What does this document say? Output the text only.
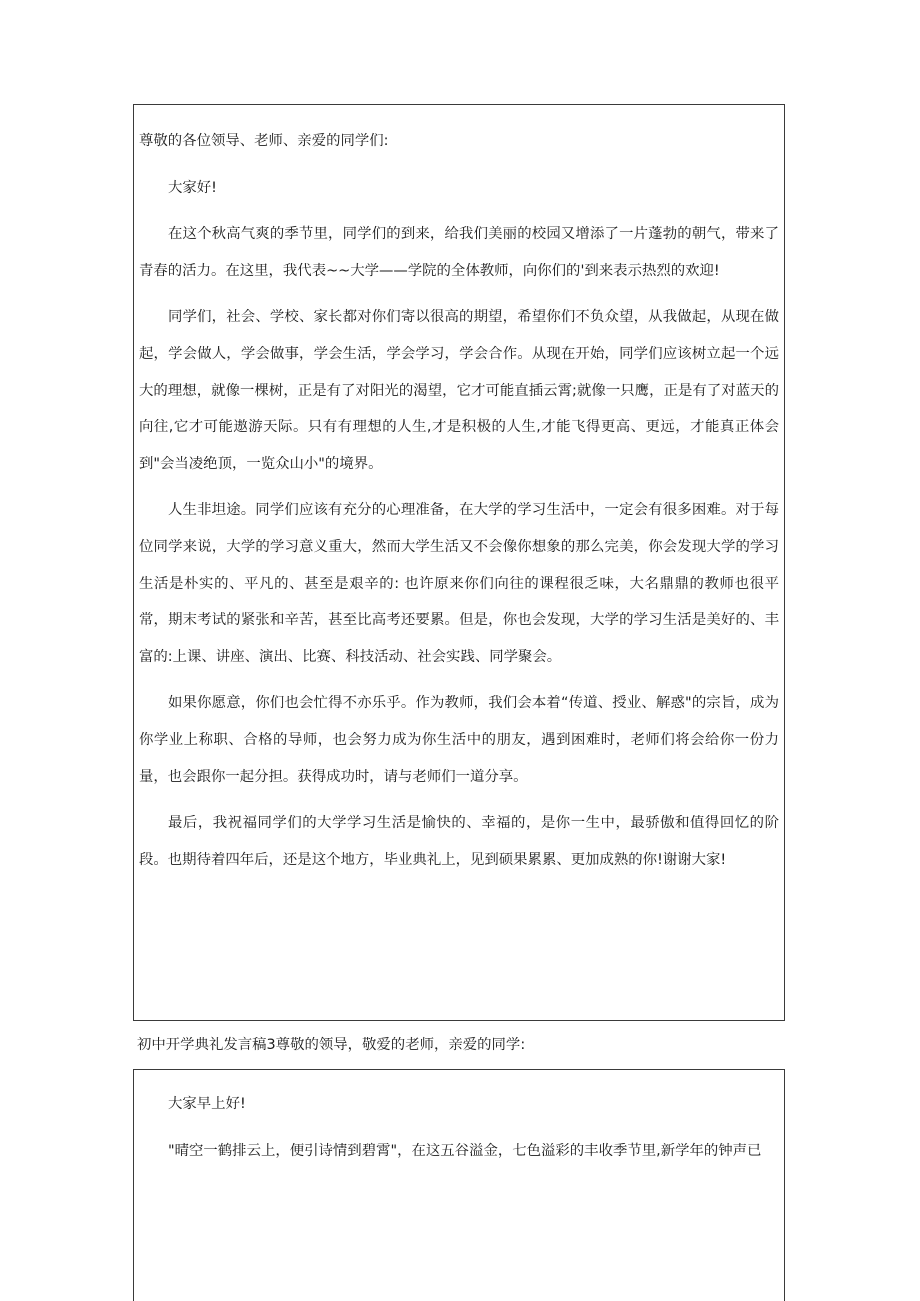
尊敬的各位领导、老师、亲爱的同学们:

大家好!

在这个秋高气爽的季节里，同学们的到来，给我们美丽的校园又增添了一片蓬勃的朝气，带来了青春的活力。在这里，我代表~~大学——学院的全体教师，向你们的'到来表示热烈的欢迎!

同学们，社会、学校、家长都对你们寄以很高的期望，希望你们不负众望，从我做起，从现在做起，学会做人，学会做事，学会生活，学会学习，学会合作。从现在开始，同学们应该树立起一个远大的理想，就像一棵树，正是有了对阳光的渴望，它才可能直插云霄;就像一只鹰，正是有了对蓝天的向往,它才可能遨游天际。只有有理想的人生,才是积极的人生,才能飞得更高、更远，才能真正体会到"会当凌绝顶，一览众山小"的境界。

人生非坦途。同学们应该有充分的心理准备，在大学的学习生活中，一定会有很多困难。对于每位同学来说，大学的学习意义重大，然而大学生活又不会像你想象的那么完美，你会发现大学的学习生活是朴实的、平凡的、甚至是艰辛的: 也许原来你们向往的课程很乏味，大名鼎鼎的教师也很平常，期末考试的紧张和辛苦，甚至比高考还要累。但是，你也会发现，大学的学习生活是美好的、丰富的:上课、讲座、演出、比赛、科技活动、社会实践、同学聚会。

如果你愿意，你们也会忙得不亦乐乎。作为教师，我们会本着“传道、授业、解惑"的宗旨，成为你学业上称职、合格的导师，也会努力成为你生活中的朋友，遇到困难时，老师们将会给你一份力量，也会跟你一起分担。获得成功时，请与老师们一道分享。

最后，我祝福同学们的大学学习生活是愉快的、幸福的，是你一生中，最骄傲和值得回忆的阶段。也期待着四年后，还是这个地方，毕业典礼上，见到硕果累累、更加成熟的你!谢谢大家!

初中开学典礼发言稿3尊敬的领导，敬爱的老师，亲爱的同学:

大家早上好!

"晴空一鹤排云上，便引诗情到碧霄"，在这五谷溢金，七色溢彩的丰收季节里,新学年的钟声已
